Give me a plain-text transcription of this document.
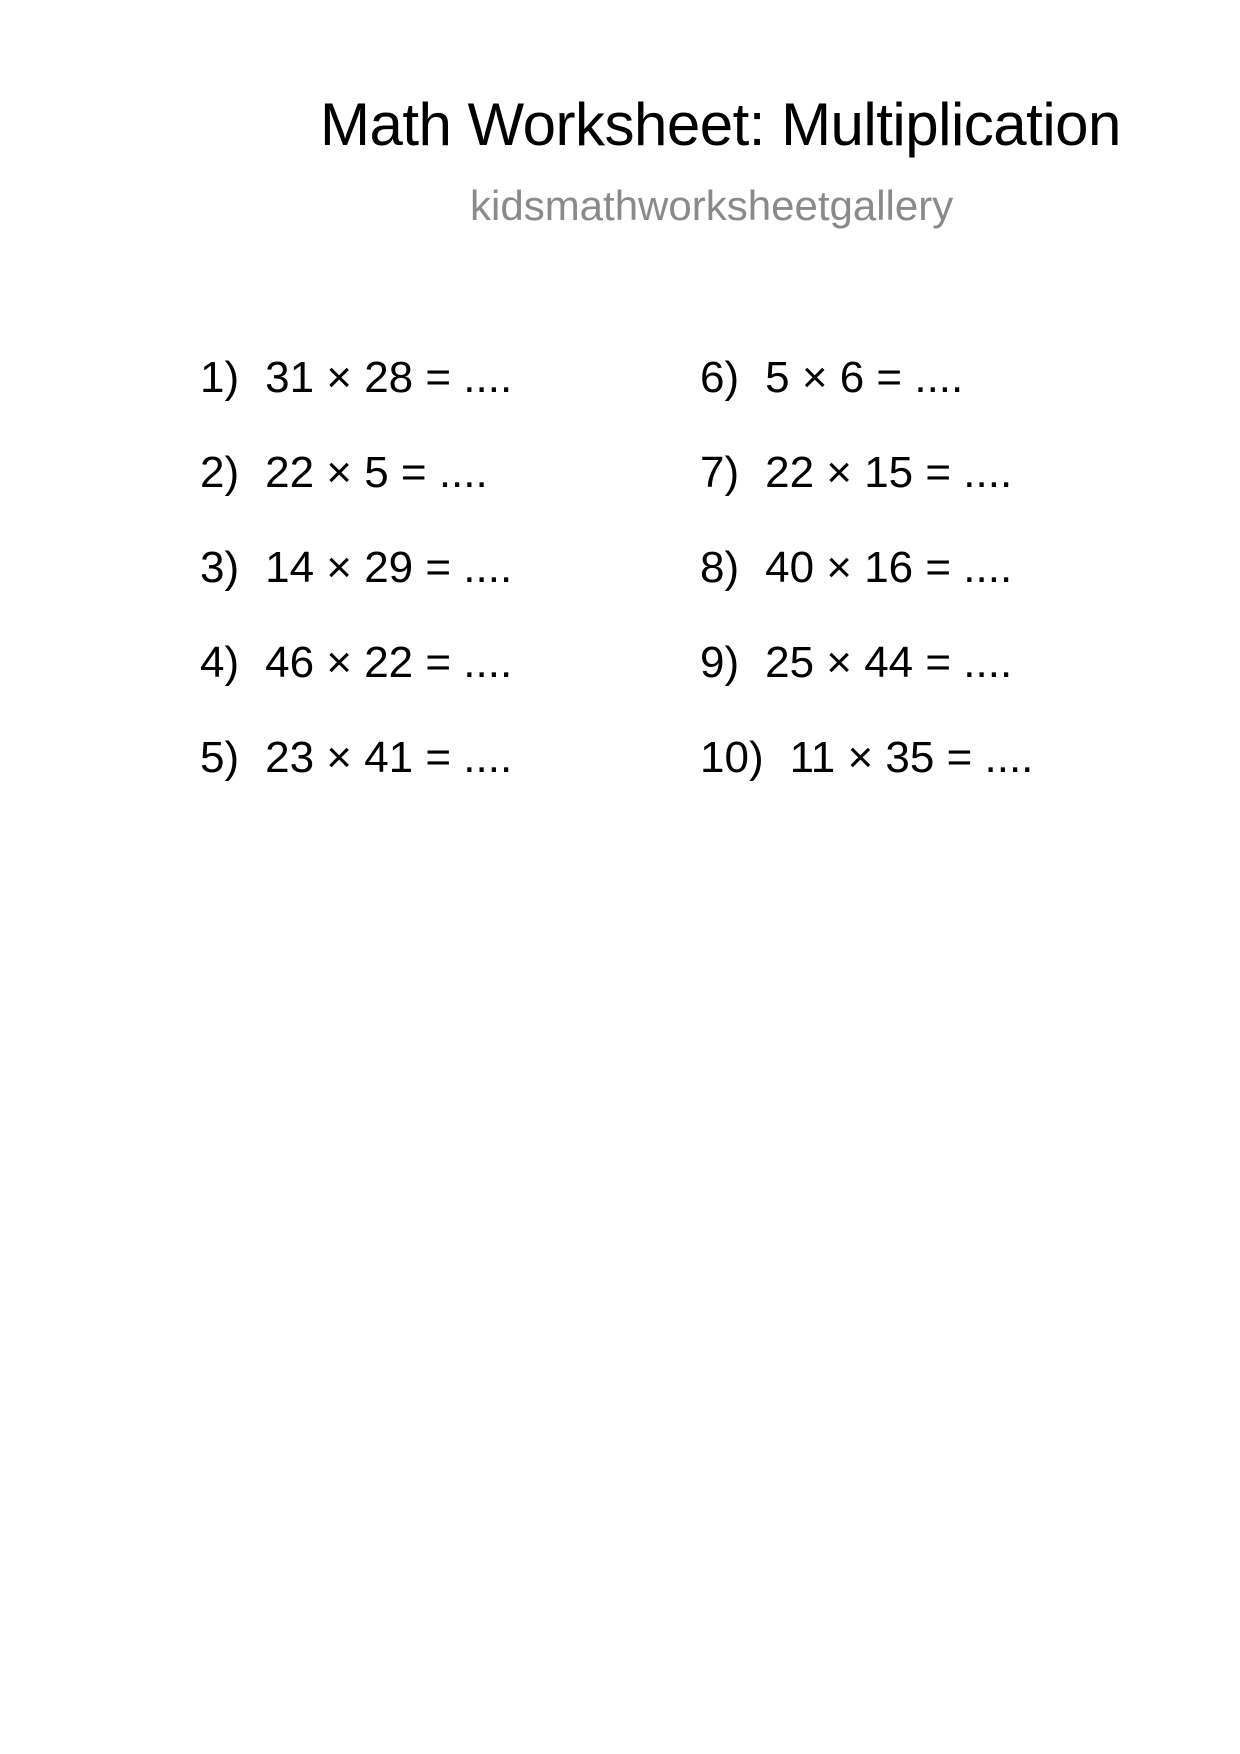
Math Worksheet: Multiplication
kidsmathworksheetgallery
1) 31 × 28 = ....
2) 22 × 5 = ....
3) 14 × 29 = ....
4) 46 × 22 = ....
5) 23 × 41 = ....
6) 5 × 6 = ....
7) 22 × 15 = ....
8) 40 × 16 = ....
9) 25 × 44 = ....
10) 11 × 35 = ....
